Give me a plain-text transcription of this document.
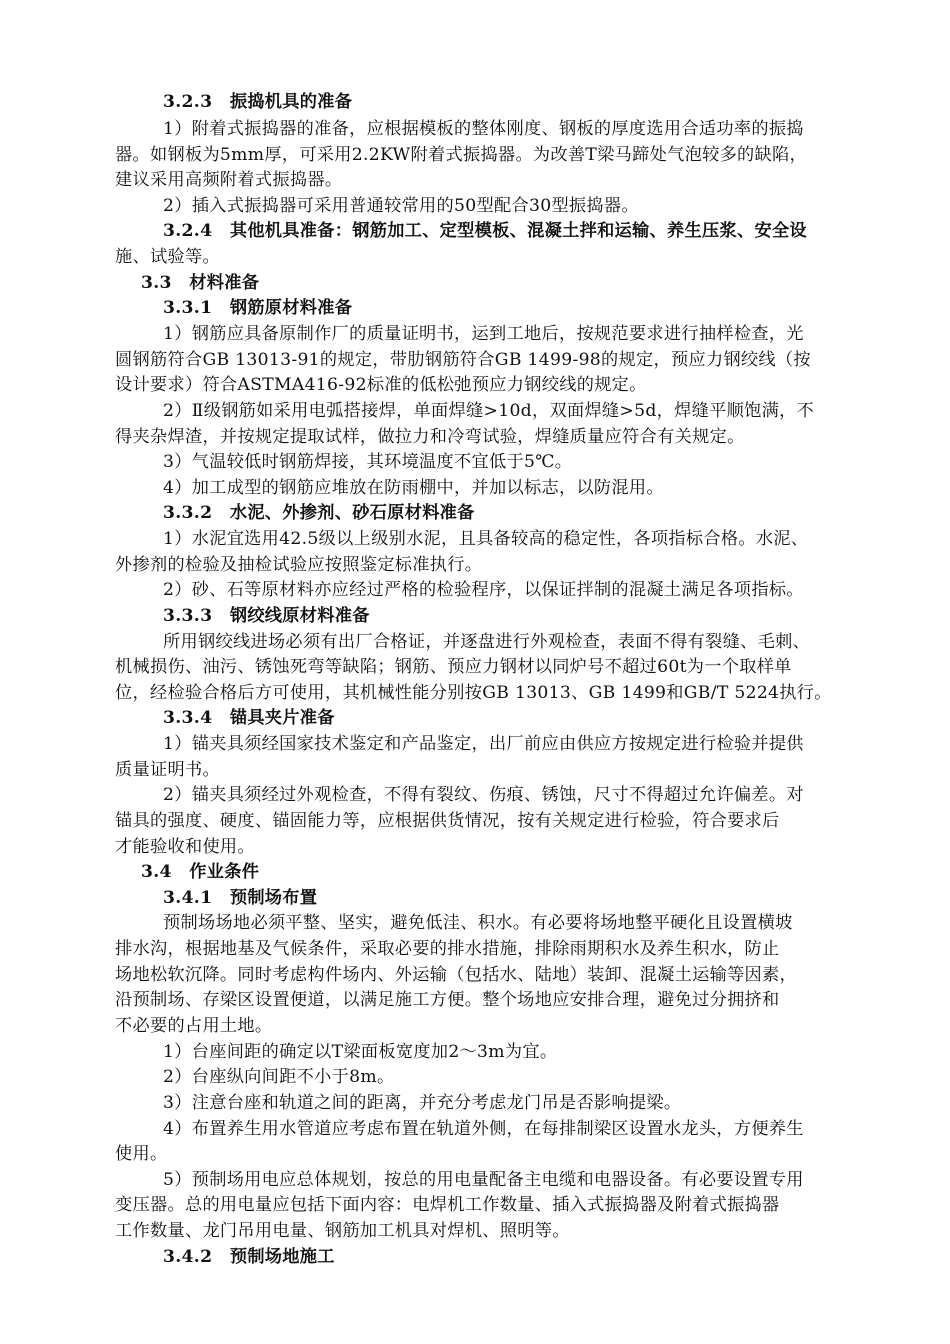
3.2.3　振捣机具的准备
1）附着式振捣器的准备，应根据模板的整体刚度、钢板的厚度选用合适功率的振捣
器。如钢板为5mm厚，可采用2.2KW附着式振捣器。为改善T梁马蹄处气泡较多的缺陷，
建议采用高频附着式振捣器。
2）插入式振捣器可采用普通较常用的50型配合30型振捣器。
3.2.4　其他机具准备：钢筋加工、定型模板、混凝土拌和运输、养生压浆、安全设
施、试验等。
3.3　材料准备
3.3.1　钢筋原材料准备
1）钢筋应具备原制作厂的质量证明书，运到工地后，按规范要求进行抽样检查，光
圆钢筋符合GB 13013-91的规定，带肋钢筋符合GB 1499-98的规定，预应力钢绞线（按
设计要求）符合ASTMA416-92标准的低松弛预应力钢绞线的规定。
2）Ⅱ级钢筋如采用电弧搭接焊，单面焊缝>10d，双面焊缝>5d，焊缝平顺饱满，不
得夹杂焊渣，并按规定提取试样，做拉力和冷弯试验，焊缝质量应符合有关规定。
3）气温较低时钢筋焊接，其环境温度不宜低于5℃。
4）加工成型的钢筋应堆放在防雨棚中，并加以标志，以防混用。
3.3.2　水泥、外掺剂、砂石原材料准备
1）水泥宜选用42.5级以上级别水泥，且具备较高的稳定性，各项指标合格。水泥、
外掺剂的检验及抽检试验应按照鉴定标准执行。
2）砂、石等原材料亦应经过严格的检验程序，以保证拌制的混凝土满足各项指标。
3.3.3　钢绞线原材料准备
所用钢绞线进场必须有出厂合格证，并逐盘进行外观检查，表面不得有裂缝、毛刺、
机械损伤、油污、锈蚀死弯等缺陷；钢筋、预应力钢材以同炉号不超过60t为一个取样单
位，经检验合格后方可使用，其机械性能分别按GB 13013、GB 1499和GB/T 5224执行。
3.3.4　锚具夹片准备
1）锚夹具须经国家技术鉴定和产品鉴定，出厂前应由供应方按规定进行检验并提供
质量证明书。
2）锚夹具须经过外观检查，不得有裂纹、伤痕、锈蚀，尺寸不得超过允许偏差。对
锚具的强度、硬度、锚固能力等，应根据供货情况，按有关规定进行检验，符合要求后
才能验收和使用。
3.4　作业条件
3.4.1　预制场布置
预制场场地必须平整、坚实，避免低洼、积水。有必要将场地整平硬化且设置横坡
排水沟，根据地基及气候条件，采取必要的排水措施，排除雨期积水及养生积水，防止
场地松软沉降。同时考虑构件场内、外运输（包括水、陆地）装卸、混凝土运输等因素，
沿预制场、存梁区设置便道，以满足施工方便。整个场地应安排合理，避免过分拥挤和
不必要的占用土地。
1）台座间距的确定以T梁面板宽度加2～3m为宜。
2）台座纵向间距不小于8m。
3）注意台座和轨道之间的距离，并充分考虑龙门吊是否影响提梁。
4）布置养生用水管道应考虑布置在轨道外侧，在每排制梁区设置水龙头，方便养生
使用。
5）预制场用电应总体规划，按总的用电量配备主电缆和电器设备。有必要设置专用
变压器。总的用电量应包括下面内容：电焊机工作数量、插入式振捣器及附着式振捣器
工作数量、龙门吊用电量、钢筋加工机具对焊机、照明等。
3.4.2　预制场地施工
